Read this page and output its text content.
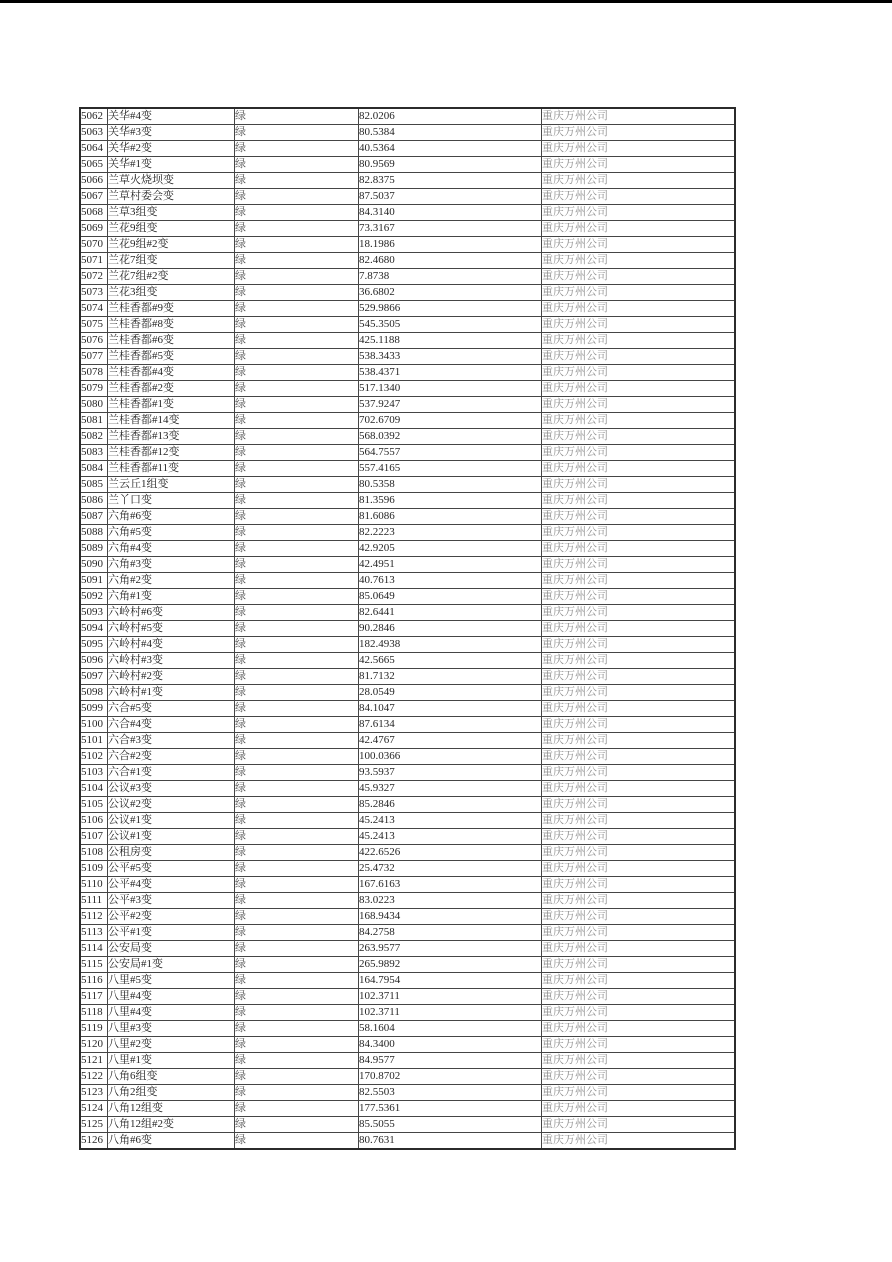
5062	关华#4变	绿	82.0206	重庆万州公司
5063	关华#3变	绿	80.5384	重庆万州公司
5064	关华#2变	绿	40.5364	重庆万州公司
5065	关华#1变	绿	80.9569	重庆万州公司
5066	兰草火烧坝变	绿	82.8375	重庆万州公司
5067	兰草村委会变	绿	87.5037	重庆万州公司
5068	兰草3组变	绿	84.3140	重庆万州公司
5069	兰花9组变	绿	73.3167	重庆万州公司
5070	兰花9组#2变	绿	18.1986	重庆万州公司
5071	兰花7组变	绿	82.4680	重庆万州公司
5072	兰花7组#2变	绿	7.8738	重庆万州公司
5073	兰花3组变	绿	36.6802	重庆万州公司
5074	兰桂香都#9变	绿	529.9866	重庆万州公司
5075	兰桂香都#8变	绿	545.3505	重庆万州公司
5076	兰桂香都#6变	绿	425.1188	重庆万州公司
5077	兰桂香都#5变	绿	538.3433	重庆万州公司
5078	兰桂香都#4变	绿	538.4371	重庆万州公司
5079	兰桂香都#2变	绿	517.1340	重庆万州公司
5080	兰桂香都#1变	绿	537.9247	重庆万州公司
5081	兰桂香都#14变	绿	702.6709	重庆万州公司
5082	兰桂香都#13变	绿	568.0392	重庆万州公司
5083	兰桂香都#12变	绿	564.7557	重庆万州公司
5084	兰桂香都#11变	绿	557.4165	重庆万州公司
5085	兰云丘1组变	绿	80.5358	重庆万州公司
5086	兰丫口变	绿	81.3596	重庆万州公司
5087	六角#6变	绿	81.6086	重庆万州公司
5088	六角#5变	绿	82.2223	重庆万州公司
5089	六角#4变	绿	42.9205	重庆万州公司
5090	六角#3变	绿	42.4951	重庆万州公司
5091	六角#2变	绿	40.7613	重庆万州公司
5092	六角#1变	绿	85.0649	重庆万州公司
5093	六岭村#6变	绿	82.6441	重庆万州公司
5094	六岭村#5变	绿	90.2846	重庆万州公司
5095	六岭村#4变	绿	182.4938	重庆万州公司
5096	六岭村#3变	绿	42.5665	重庆万州公司
5097	六岭村#2变	绿	81.7132	重庆万州公司
5098	六岭村#1变	绿	28.0549	重庆万州公司
5099	六合#5变	绿	84.1047	重庆万州公司
5100	六合#4变	绿	87.6134	重庆万州公司
5101	六合#3变	绿	42.4767	重庆万州公司
5102	六合#2变	绿	100.0366	重庆万州公司
5103	六合#1变	绿	93.5937	重庆万州公司
5104	公议#3变	绿	45.9327	重庆万州公司
5105	公议#2变	绿	85.2846	重庆万州公司
5106	公议#1变	绿	45.2413	重庆万州公司
5107	公议#1变	绿	45.2413	重庆万州公司
5108	公租房变	绿	422.6526	重庆万州公司
5109	公平#5变	绿	25.4732	重庆万州公司
5110	公平#4变	绿	167.6163	重庆万州公司
5111	公平#3变	绿	83.0223	重庆万州公司
5112	公平#2变	绿	168.9434	重庆万州公司
5113	公平#1变	绿	84.2758	重庆万州公司
5114	公安局变	绿	263.9577	重庆万州公司
5115	公安局#1变	绿	265.9892	重庆万州公司
5116	八里#5变	绿	164.7954	重庆万州公司
5117	八里#4变	绿	102.3711	重庆万州公司
5118	八里#4变	绿	102.3711	重庆万州公司
5119	八里#3变	绿	58.1604	重庆万州公司
5120	八里#2变	绿	84.3400	重庆万州公司
5121	八里#1变	绿	84.9577	重庆万州公司
5122	八角6组变	绿	170.8702	重庆万州公司
5123	八角2组变	绿	82.5503	重庆万州公司
5124	八角12组变	绿	177.5361	重庆万州公司
5125	八角12组#2变	绿	85.5055	重庆万州公司
5126	八角#6变	绿	80.7631	重庆万州公司
